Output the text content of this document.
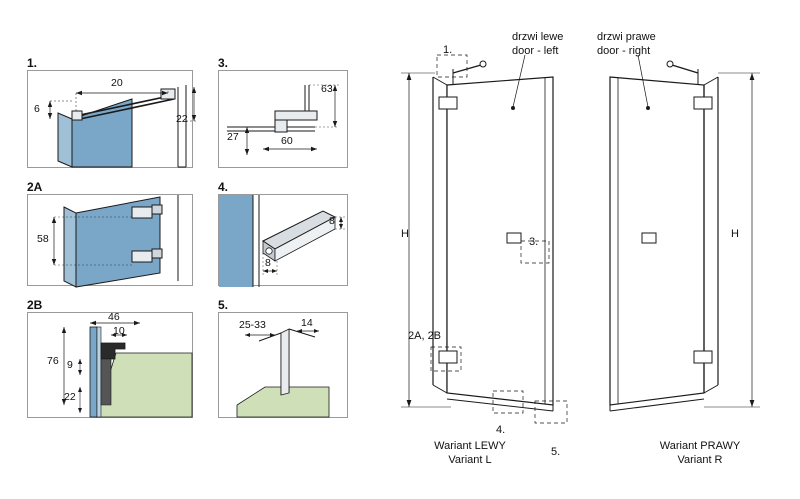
1.
20
6
22
2A
58
2B
46
10
76 9
22
3.
63
27	60
4.
8
8
5.
25-33	14
1.
3.
2A, 2B
4.
5.
H
drzwi lewe
door - left
H
drzwi prawe
door - right
Wariant LEWY
Variant L
Wariant PRAWY
Variant R
